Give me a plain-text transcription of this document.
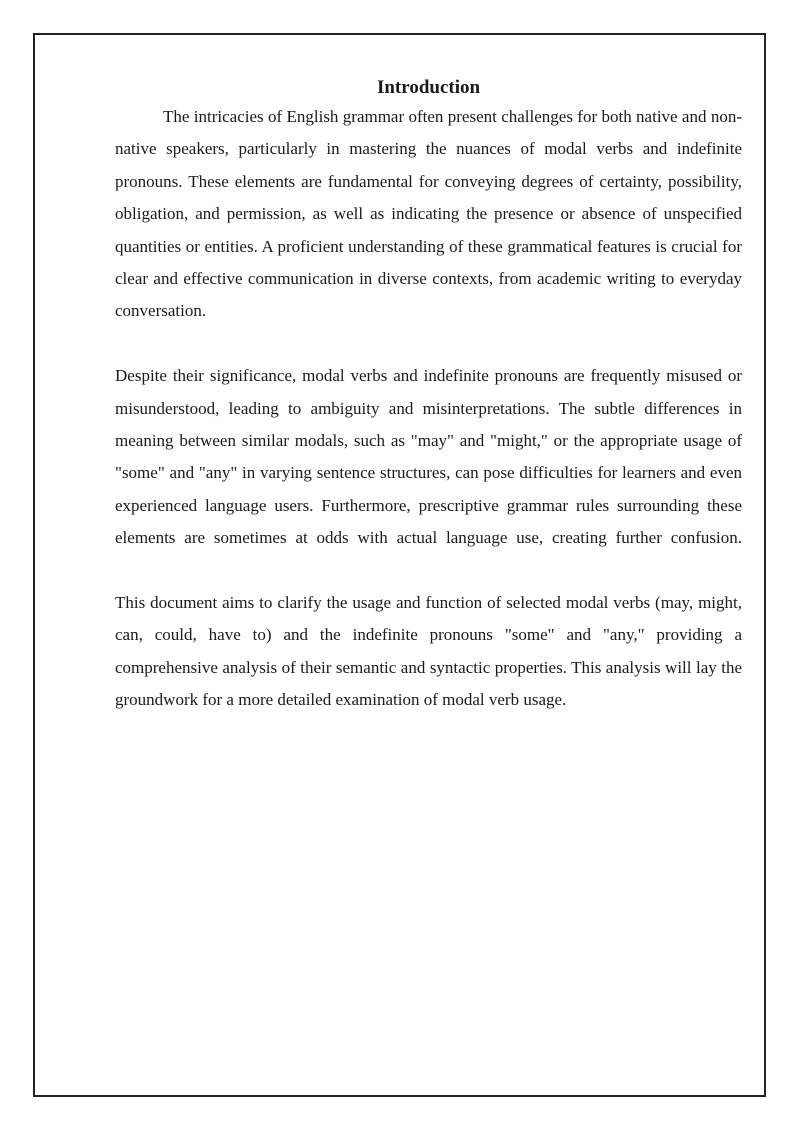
Introduction

The intricacies of English grammar often present challenges for both native and non-native speakers, particularly in mastering the nuances of modal verbs and indefinite pronouns. These elements are fundamental for conveying degrees of certainty, possibility, obligation, and permission, as well as indicating the presence or absence of unspecified quantities or entities. A proficient understanding of these grammatical features is crucial for clear and effective communication in diverse contexts, from academic writing to everyday conversation.

Despite their significance, modal verbs and indefinite pronouns are frequently misused or misunderstood, leading to ambiguity and misinterpretations. The subtle differences in meaning between similar modals, such as "may" and "might," or the appropriate usage of "some" and "any" in varying sentence structures, can pose difficulties for learners and even experienced language users. Furthermore, prescriptive grammar rules surrounding these elements are sometimes at odds with actual language use, creating further confusion.

This document aims to clarify the usage and function of selected modal verbs (may, might, can, could, have to) and the indefinite pronouns "some" and "any," providing a comprehensive analysis of their semantic and syntactic properties. This analysis will lay the groundwork for a more detailed examination of modal verb usage.
